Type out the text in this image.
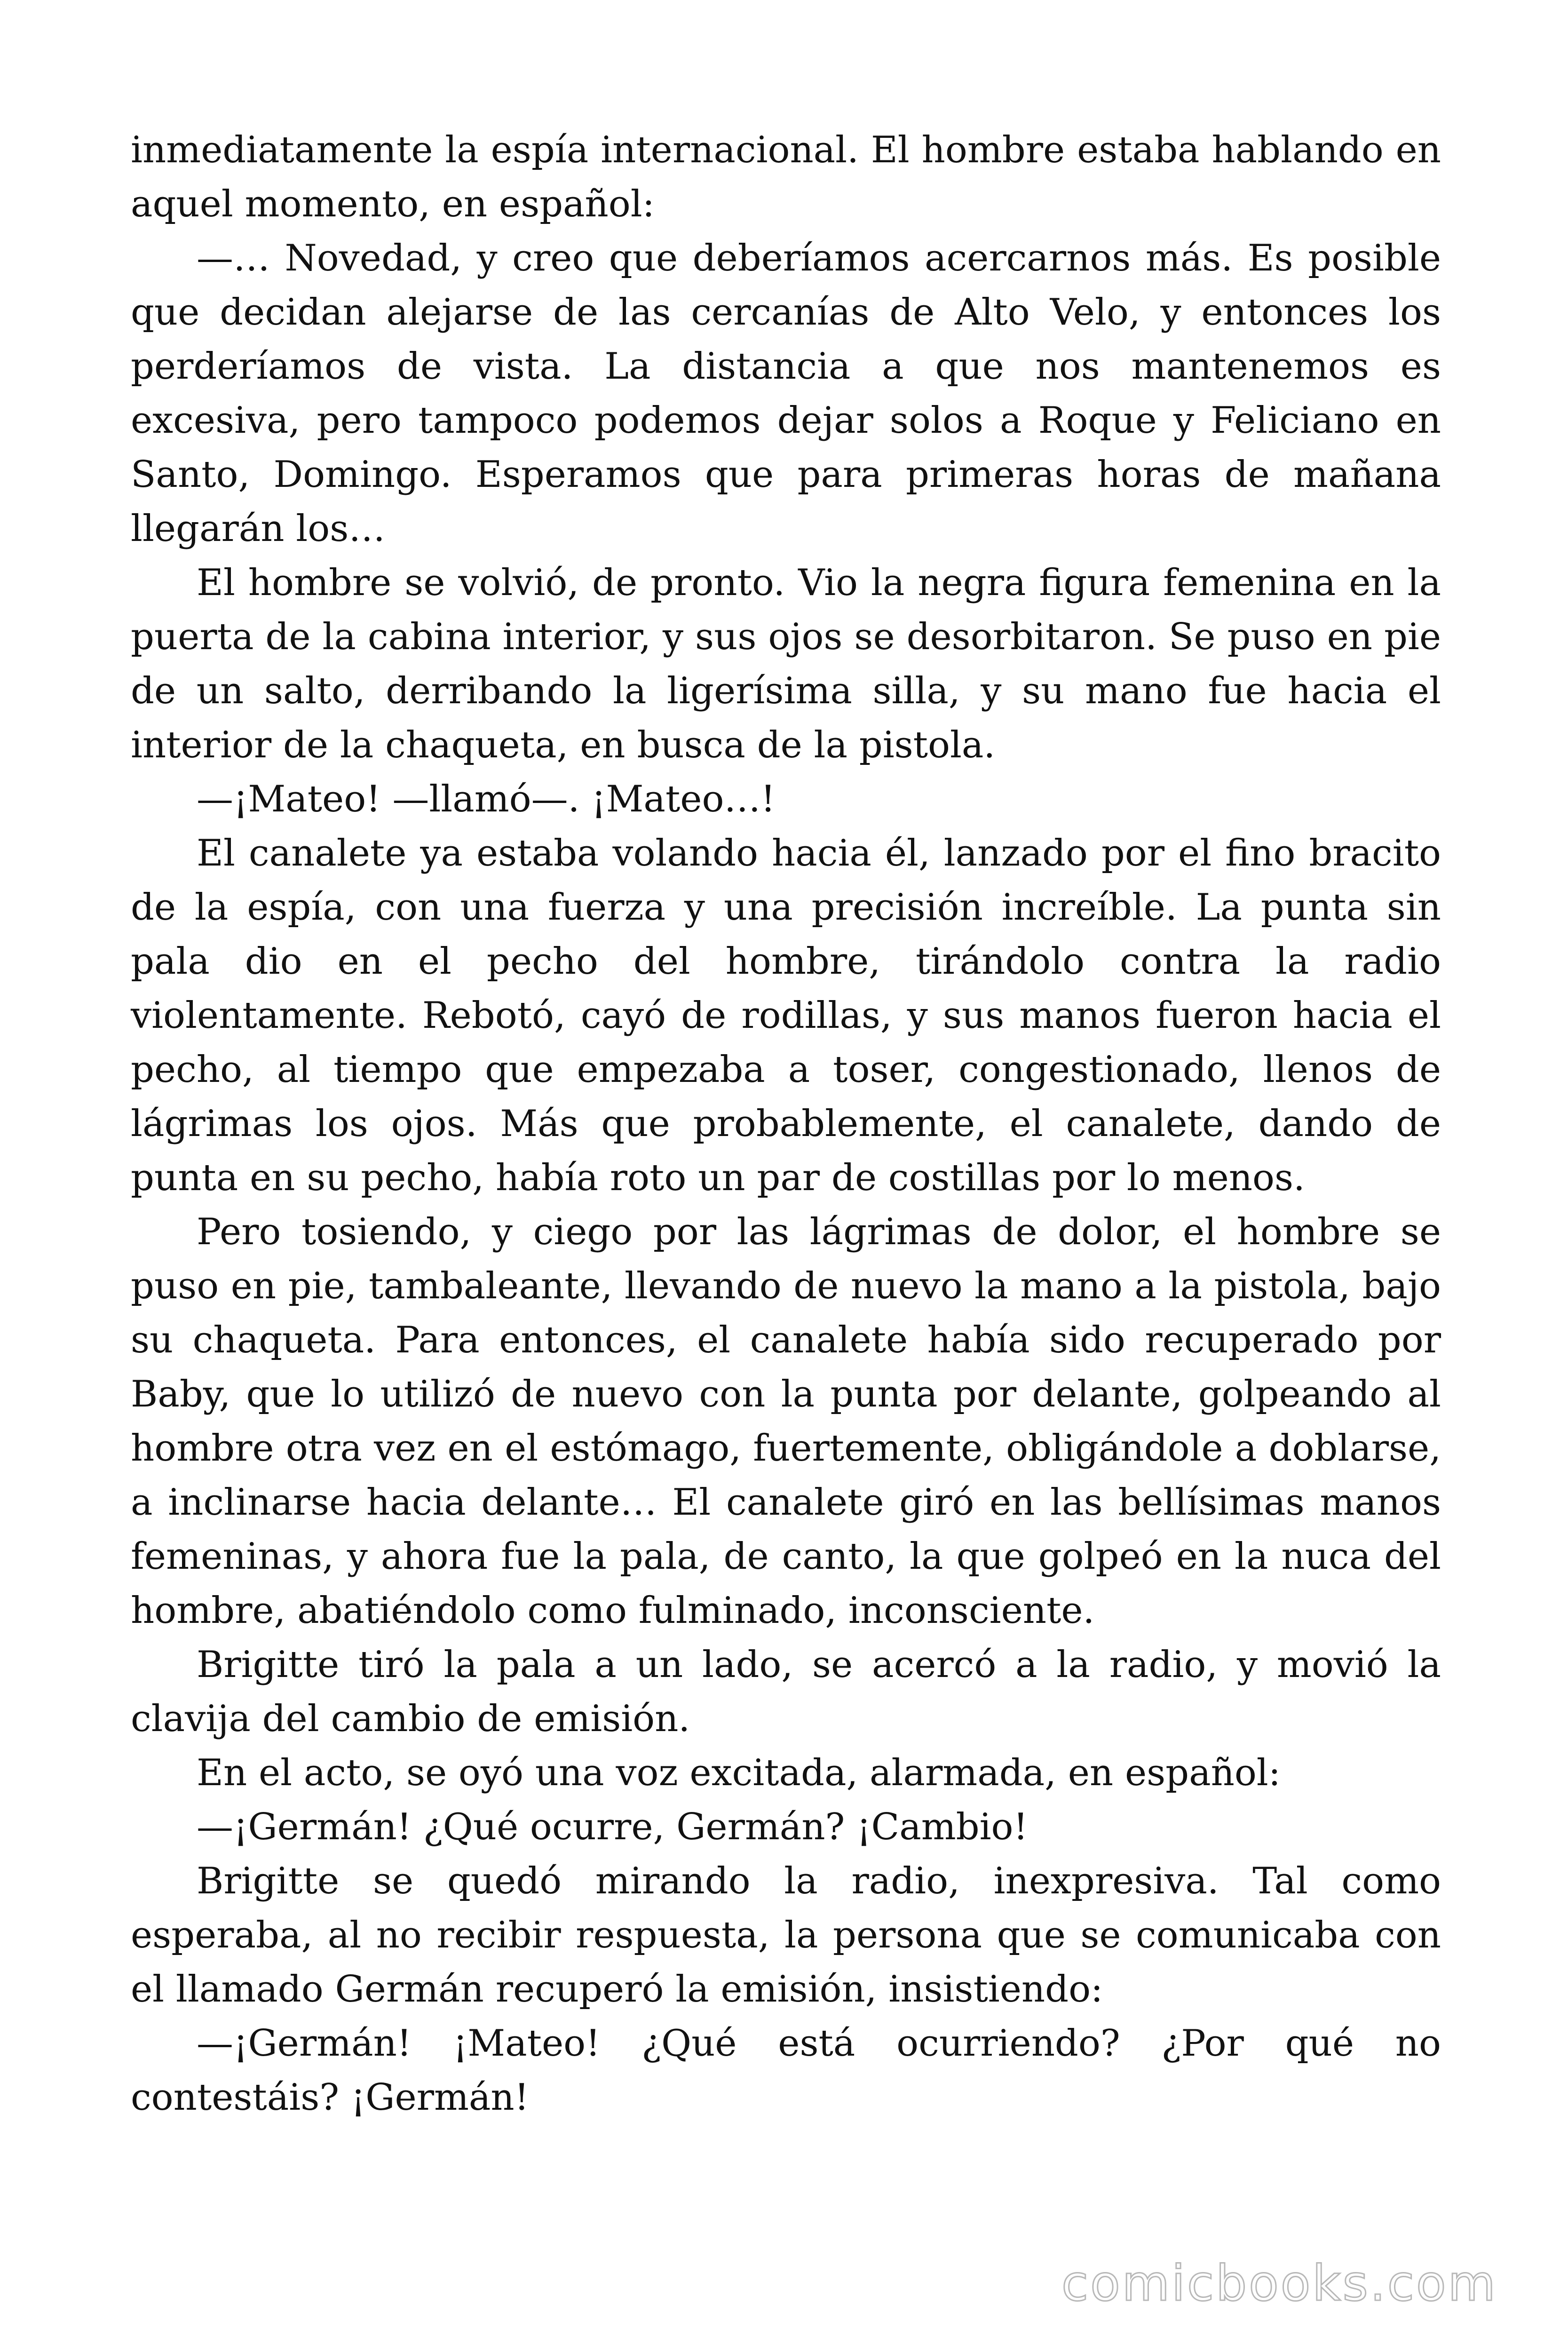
inmediatamente la espía internacional. El hombre estaba hablando en aquel momento, en español:

—… Novedad, y creo que deberíamos acercarnos más. Es posible que decidan alejarse de las cercanías de Alto Velo, y entonces los perderíamos de vista. La distancia a que nos mantenemos es excesiva, pero tampoco podemos dejar solos a Roque y Feliciano en Santo, Domingo. Esperamos que para primeras horas de mañana llegarán los…

El hombre se volvió, de pronto. Vio la negra figura femenina en la puerta de la cabina interior, y sus ojos se desorbitaron. Se puso en pie de un salto, derribando la ligerísima silla, y su mano fue hacia el interior de la chaqueta, en busca de la pistola.

—¡Mateo! —llamó—. ¡Mateo…!

El canalete ya estaba volando hacia él, lanzado por el fino bracito de la espía, con una fuerza y una precisión increíble. La punta sin pala dio en el pecho del hombre, tirándolo contra la radio violentamente. Rebotó, cayó de rodillas, y sus manos fueron hacia el pecho, al tiempo que empezaba a toser, congestionado, llenos de lágrimas los ojos. Más que probablemente, el canalete, dando de punta en su pecho, había roto un par de costillas por lo menos.

Pero tosiendo, y ciego por las lágrimas de dolor, el hombre se puso en pie, tambaleante, llevando de nuevo la mano a la pistola, bajo su chaqueta. Para entonces, el canalete había sido recuperado por Baby, que lo utilizó de nuevo con la punta por delante, golpeando al hombre otra vez en el estómago, fuertemente, obligándole a doblarse, a inclinarse hacia delante… El canalete giró en las bellísimas manos femeninas, y ahora fue la pala, de canto, la que golpeó en la nuca del hombre, abatiéndolo como fulminado, inconsciente.

Brigitte tiró la pala a un lado, se acercó a la radio, y movió la clavija del cambio de emisión.

En el acto, se oyó una voz excitada, alarmada, en español:

—¡Germán! ¿Qué ocurre, Germán? ¡Cambio!

Brigitte se quedó mirando la radio, inexpresiva. Tal como esperaba, al no recibir respuesta, la persona que se comunicaba con el llamado Germán recuperó la emisión, insistiendo:

—¡Germán! ¡Mateo! ¿Qué está ocurriendo? ¿Por qué no contestáis? ¡Germán!

comicbooks.com
